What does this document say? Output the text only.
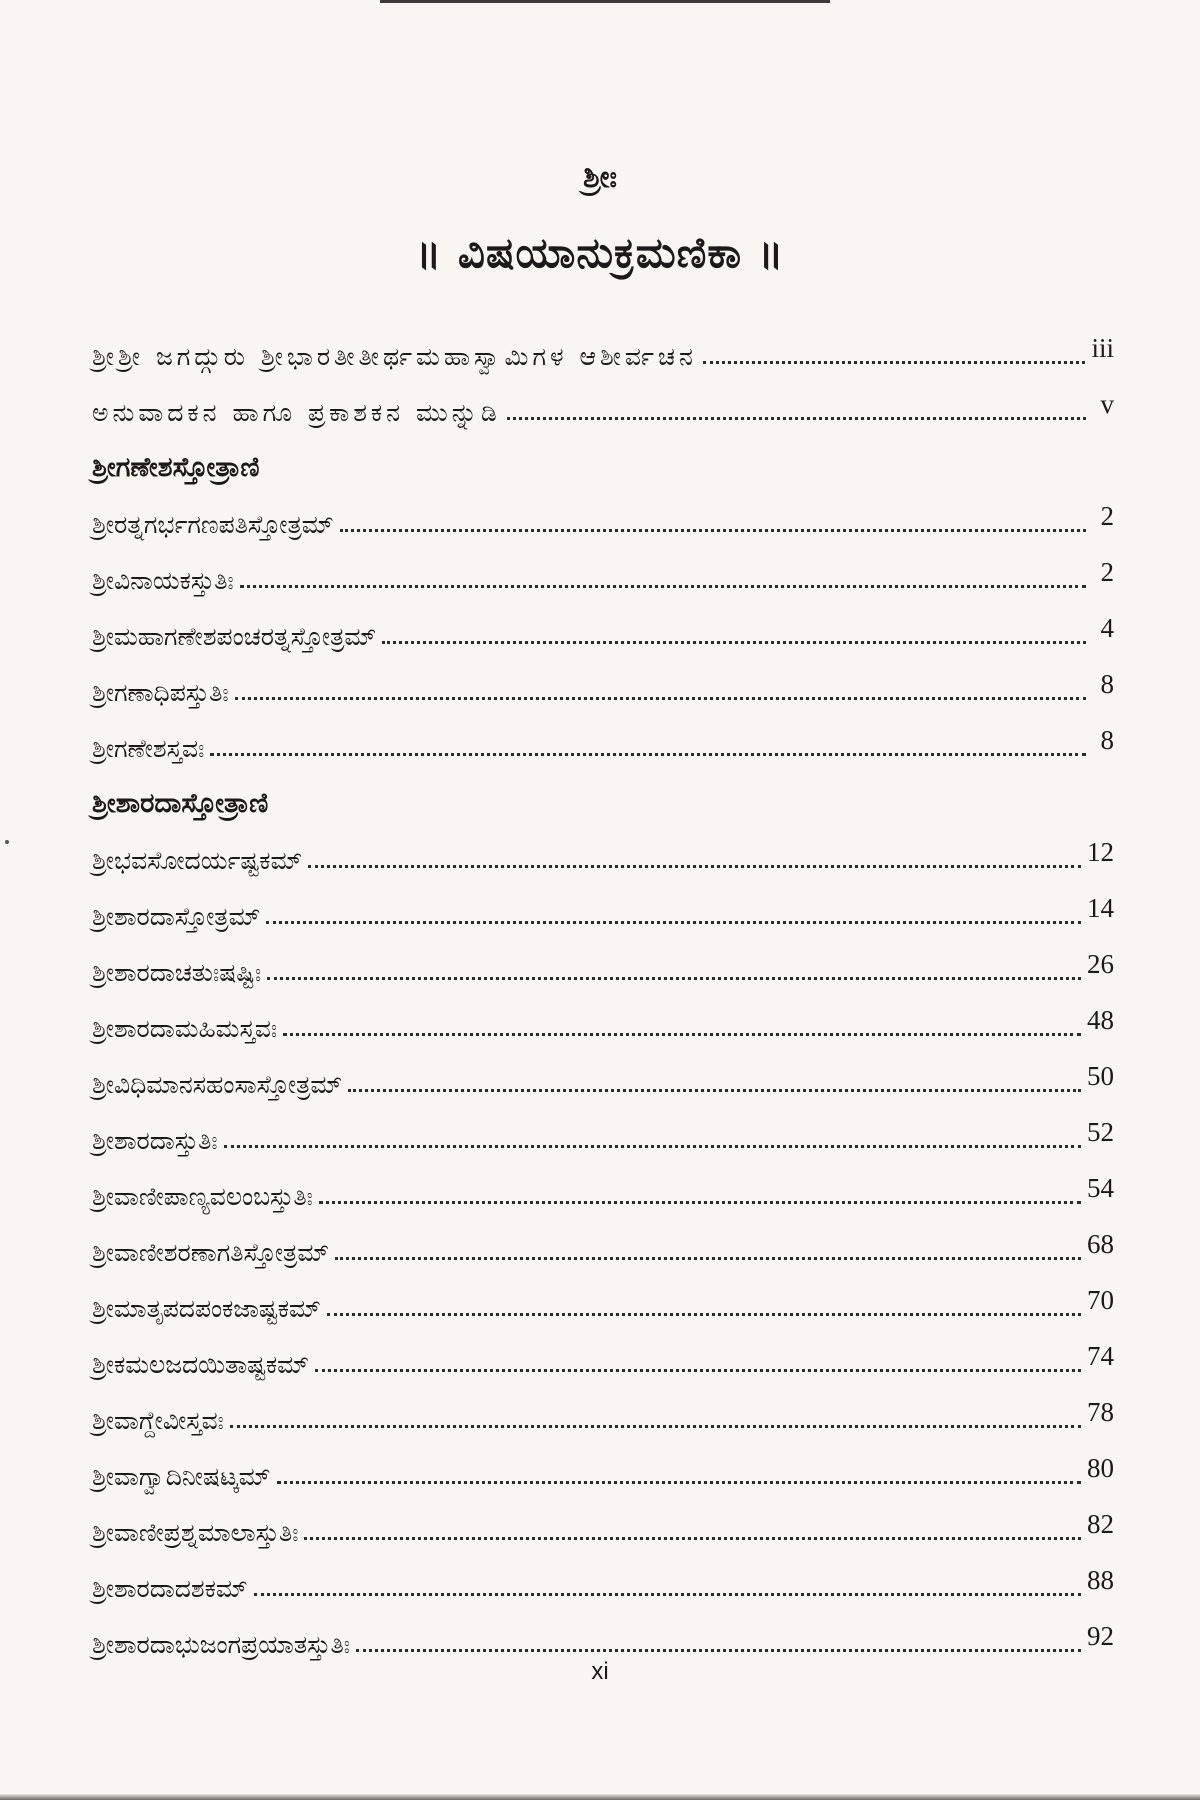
ಶ್ರೀಃ
॥ ವಿಷಯಾನುಕ್ರಮಣಿಕಾ ॥
ಶ್ರೀಶ್ರೀ ಜಗದ್ಗುರು ಶ್ರೀಭಾರತೀತೀರ್ಥಮಹಾಸ್ವಾಮಿಗಳ ಆಶೀರ್ವಚನ	iii
ಅನುವಾದಕನ ಹಾಗೂ ಪ್ರಕಾಶಕನ ಮುನ್ನುಡಿ	v
ಶ್ರೀಗಣೇಶಸ್ತೋತ್ರಾಣಿ
ಶ್ರೀರತ್ನಗರ್ಭಗಣಪತಿಸ್ತೋತ್ರಮ್	2
ಶ್ರೀವಿನಾಯಕಸ್ತುತಿಃ	2
ಶ್ರೀಮಹಾಗಣೇಶಪಂಚರತ್ನಸ್ತೋತ್ರಮ್	4
ಶ್ರೀಗಣಾಧಿಪಸ್ತುತಿಃ	8
ಶ್ರೀಗಣೇಶಸ್ತವಃ	8
ಶ್ರೀಶಾರದಾಸ್ತೋತ್ರಾಣಿ
ಶ್ರೀಭವಸೋದರ್ಯಷ್ಟಕಮ್	12
ಶ್ರೀಶಾರದಾಸ್ತೋತ್ರಮ್	14
ಶ್ರೀಶಾರದಾಚತುಃಷಷ್ಟಿಃ	26
ಶ್ರೀಶಾರದಾಮಹಿಮಸ್ತವಃ	48
ಶ್ರೀವಿಧಿಮಾನಸಹಂಸಾಸ್ತೋತ್ರಮ್	50
ಶ್ರೀಶಾರದಾಸ್ತುತಿಃ	52
ಶ್ರೀವಾಣೀಪಾಣ್ಯವಲಂಬಸ್ತುತಿಃ	54
ಶ್ರೀವಾಣೀಶರಣಾಗತಿಸ್ತೋತ್ರಮ್	68
ಶ್ರೀಮಾತೃಪದಪಂಕಜಾಷ್ಟಕಮ್	70
ಶ್ರೀಕಮಲಜದಯಿತಾಷ್ಟಕಮ್	74
ಶ್ರೀವಾಗ್ದೇವೀಸ್ತವಃ	78
ಶ್ರೀವಾಗ್ವಾದಿನೀಷಟ್ಕಮ್	80
ಶ್ರೀವಾಣೀಪ್ರಶ್ನಮಾಲಾಸ್ತುತಿಃ	82
ಶ್ರೀಶಾರದಾದಶಕಮ್	88
ಶ್ರೀಶಾರದಾಭುಜಂಗಪ್ರಯಾತಸ್ತುತಿಃ	92
xi
